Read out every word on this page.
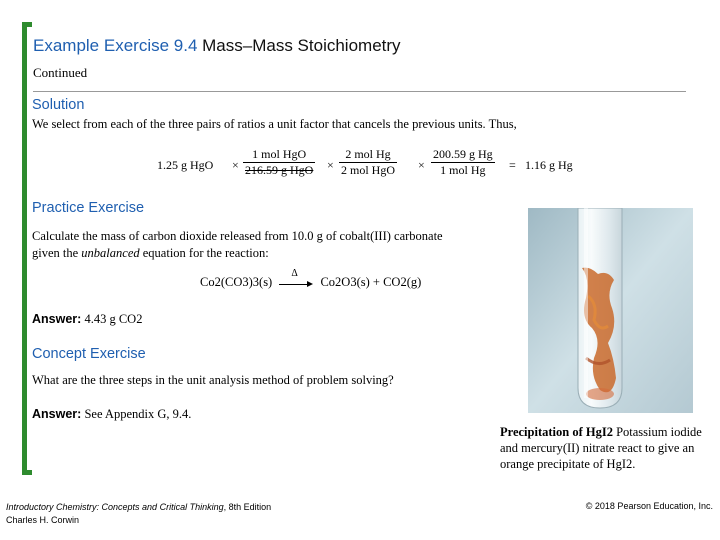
Example Exercise 9.4 Mass–Mass Stoichiometry
Continued
Solution
We select from each of the three pairs of ratios a unit factor that cancels the previous units. Thus,
1.25 g HgO ×
1 mol HgO
216.59 g HgO ×
2 mol Hg
2 mol HgO ×
200.59 g Hg
1 mol Hg	= 1.16 g Hg
Practice Exercise
Calculate the mass of carbon dioxide released from 10.0 g of cobalt(III) carbonate
given the unbalanced equation for the reaction:
Co2(CO3)3(s)
Δ
Co2O3(s) + CO2(g)
Answer: 4.43 g CO2
Concept Exercise
What are the three steps in the unit analysis method of problem solving?
Answer: See Appendix G, 9.4.
Precipitation of HgI2 Potassium iodide and mercury(II) nitrate react to give an orange precipitate of HgI2.
Introductory Chemistry: Concepts and Critical Thinking, 8th Edition
Charles H. Corwin
© 2018 Pearson Education, Inc.
